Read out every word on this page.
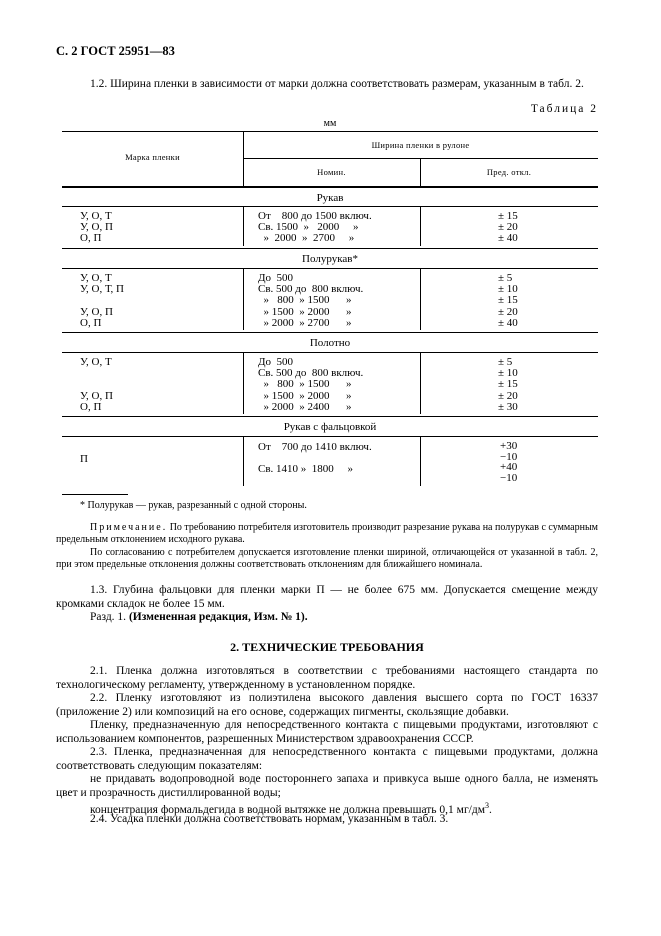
С. 2 ГОСТ 25951—83
1.2. Ширина пленки в зависимости от марки должна соответствовать размерам, указанным в табл. 2.
Таблица 2
мм
Марка пленки
Ширина пленки в рулоне
Номин.	Пред. откл.
Рукав
У, О, Т
У, О, П
О, П
От    800 до 1500 включ.
Св. 1500  »   2000     »
»  2000  »  2700     »
± 15
± 20
± 40
Полурукав*
У, О, Т
У, О, Т, П

У, О, П
О, П
До  500
Св. 500 до  800 включ.
»   800  » 1500      »
» 1500  » 2000      »
» 2000  » 2700      »
± 5
± 10
± 15
± 20
± 40
Полотно
У, О, Т

У, О, П
О, П
До  500
Св. 500 до  800 включ.
»   800  » 1500      »
» 1500  » 2000      »
» 2000  » 2400      »
± 5
± 10
± 15
± 20
± 30
Рукав с фальцовкой
П
От    700 до 1410 включ.
Св. 1410 »  1800     »
+30
−10
+40
−10
* Полурукав — рукав, разрезанный с одной стороны.
Примечание. По требованию потребителя изготовитель производит разрезание рукава на полурукав с суммарным предельным отклонением исходного рукава.
По согласованию с потребителем допускается изготовление пленки шириной, отличающейся от указанной в табл. 2, при этом предельные отклонения должны соответствовать отклонениям для ближайшего номинала.
1.3. Глубина фальцовки для пленки марки П — не более 675 мм. Допускается смещение между кромками складок не более 15 мм.
Разд. 1. (Измененная редакция, Изм. № 1).
2. ТЕХНИЧЕСКИЕ ТРЕБОВАНИЯ
2.1. Пленка должна изготовляться в соответствии с требованиями настоящего стандарта по технологическому регламенту, утвержденному в установленном порядке.
2.2. Пленку изготовляют из полиэтилена высокого давления высшего сорта по ГОСТ 16337 (приложение 2) или композиций на его основе, содержащих пигменты, скользящие добавки.
Пленку, предназначенную для непосредственного контакта с пищевыми продуктами, изготовляют с использованием компонентов, разрешенных Министерством здравоохранения СССР.
2.3. Пленка, предназначенная для непосредственного контакта с пищевыми продуктами, должна соответствовать следующим показателям:
не придавать водопроводной воде постороннего запаха и привкуса выше одного балла, не изменять цвет и прозрачность дистиллированной воды;
концентрация формальдегида в водной вытяжке не должна превышать 0,1 $мг/дм^3$.
2.4. Усадка пленки должна соответствовать нормам, указанным в табл. 3.
